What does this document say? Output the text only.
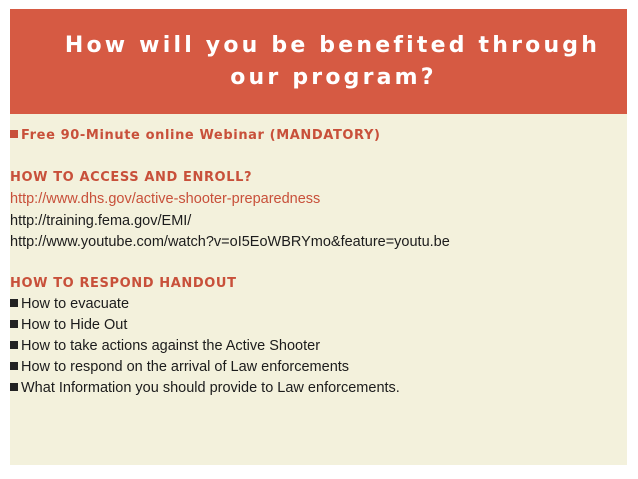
How will you be benefited through
our program?
Free 90-Minute online Webinar (MANDATORY)
HOW TO ACCESS AND ENROLL?
http://www.dhs.gov/active-shooter-preparedness
http://training.fema.gov/EMI/
http://www.youtube.com/watch?v=oI5EoWBRYmo&feature=youtu.be
HOW TO RESPOND HANDOUT
How to evacuate
How to Hide Out
How to take actions against the Active Shooter
How to respond on the arrival of Law enforcements
What Information you should provide to Law enforcements.
